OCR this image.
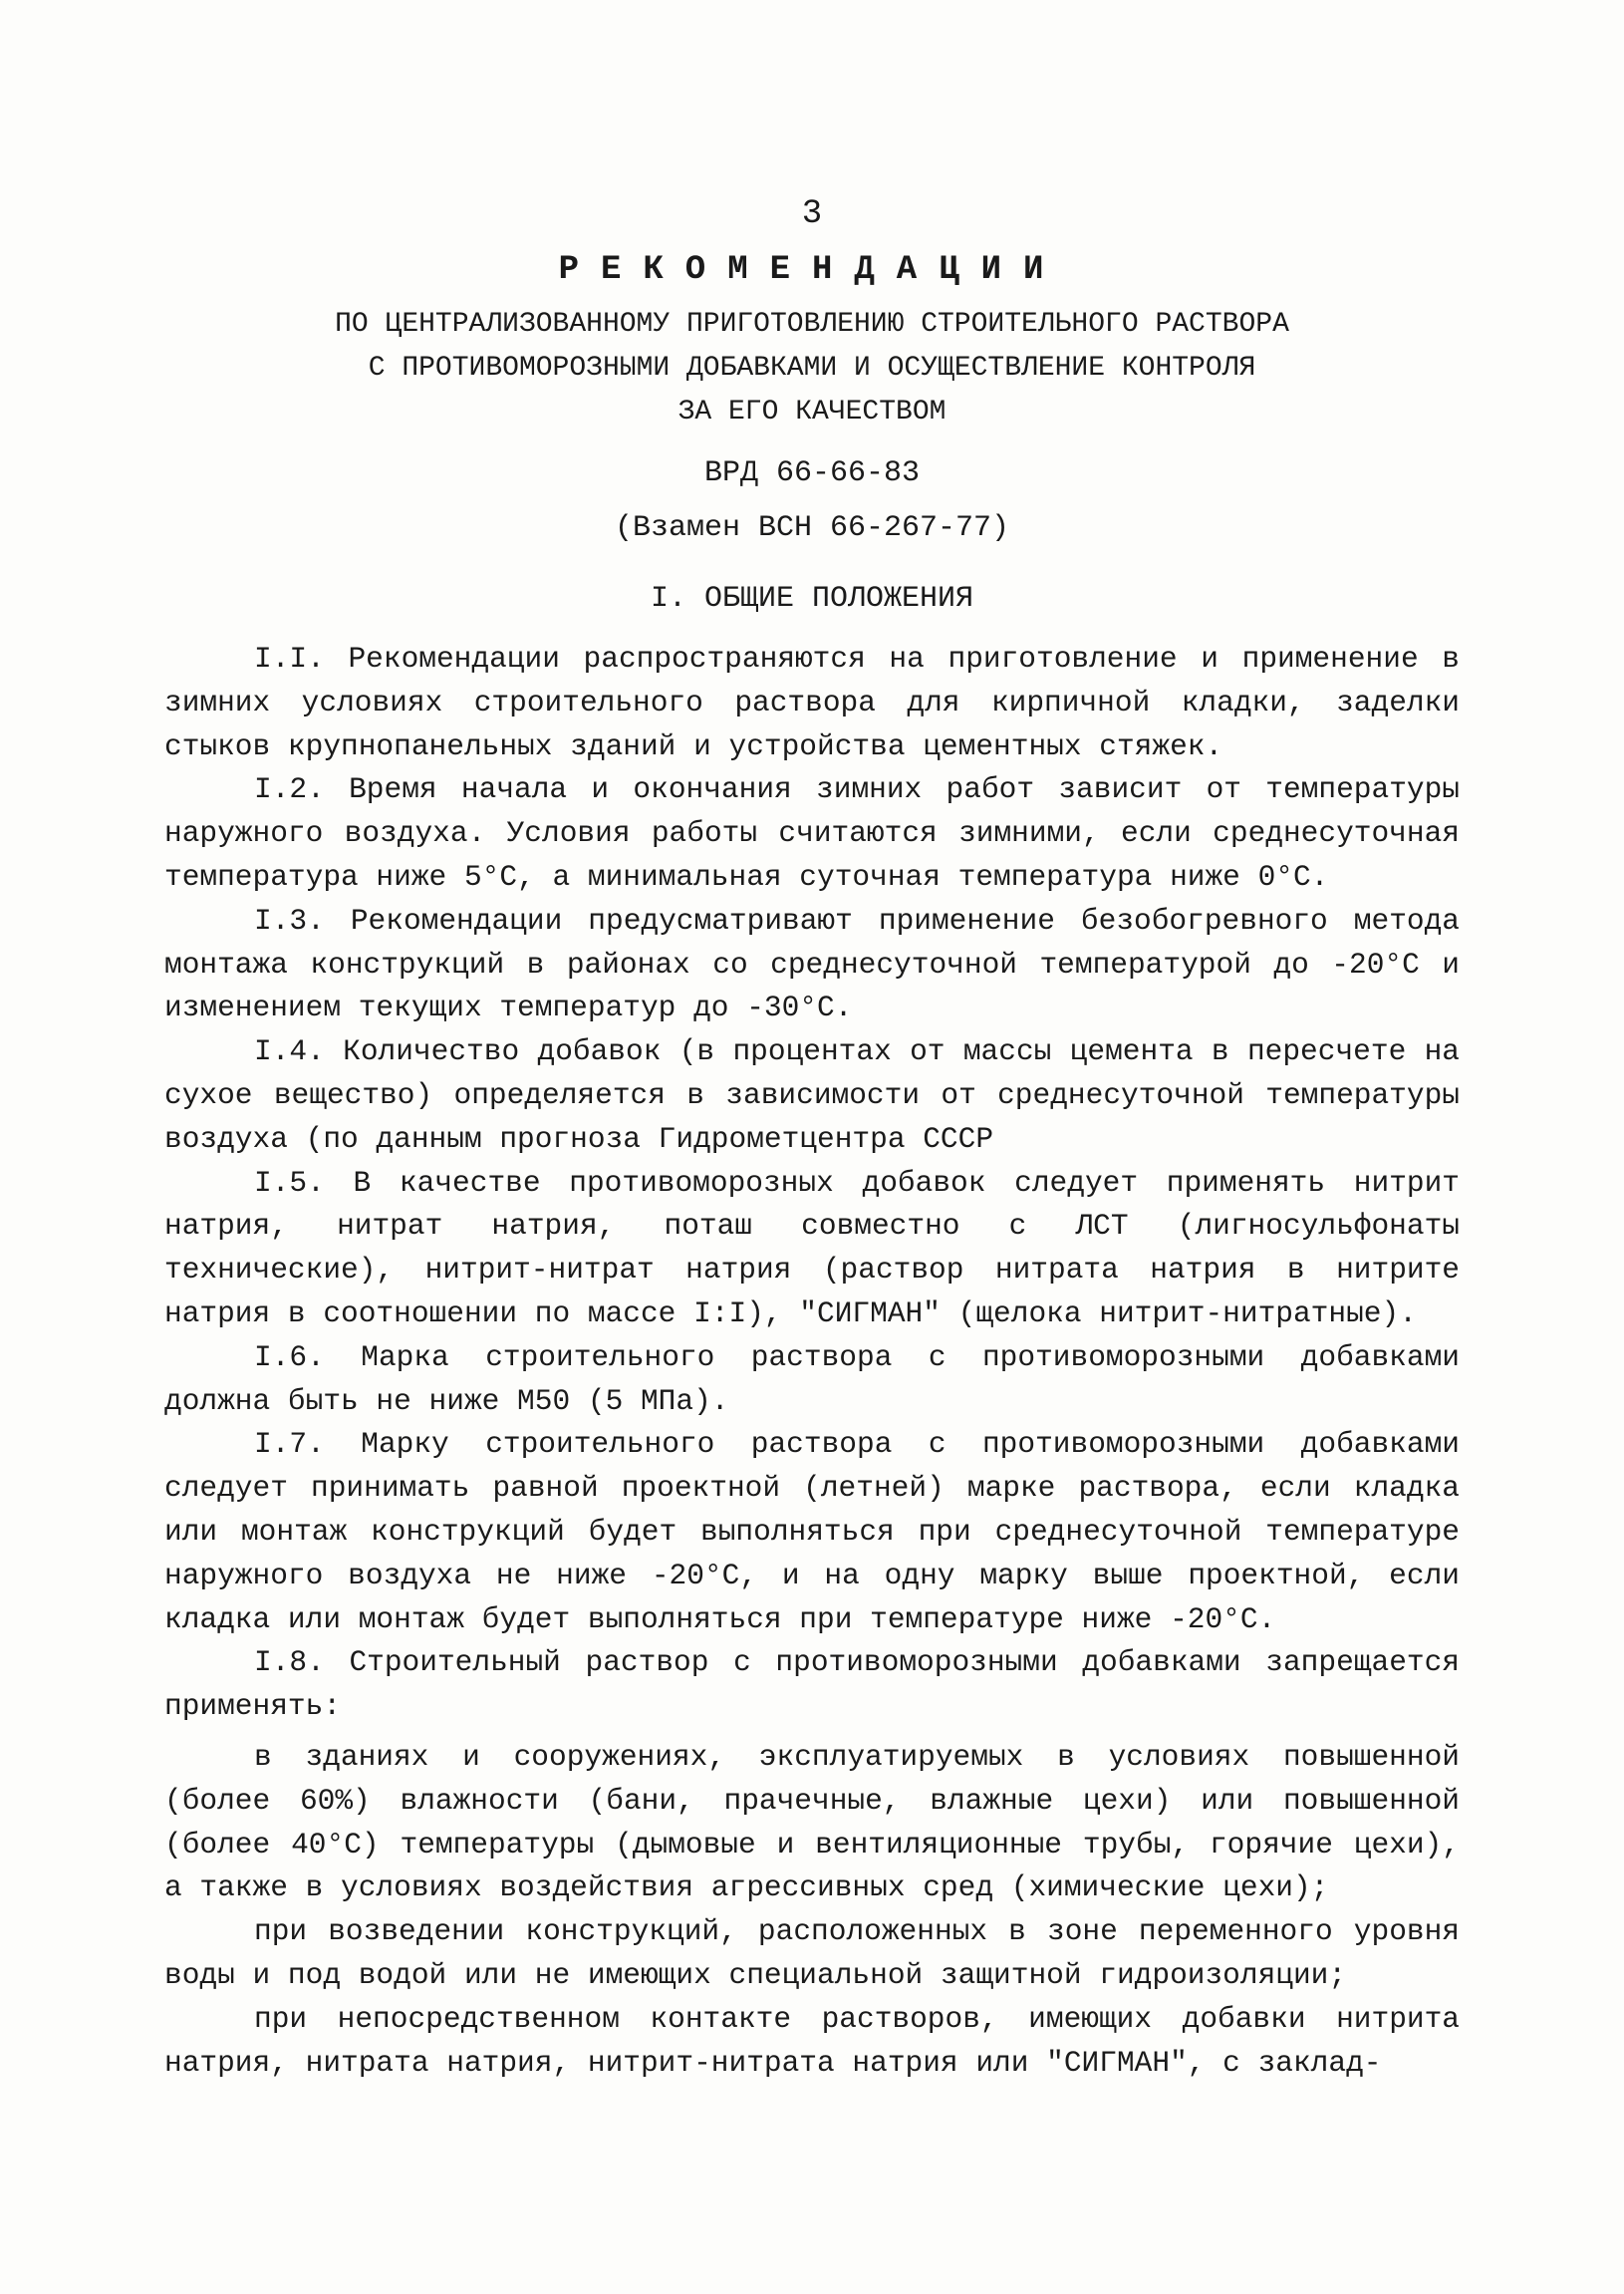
3
РЕКОМЕНДАЦИИ
ПО ЦЕНТРАЛИЗОВАННОМУ ПРИГОТОВЛЕНИЮ СТРОИТЕЛЬНОГО РАСТВОРА
С ПРОТИВОМОРОЗНЫМИ ДОБАВКАМИ И ОСУЩЕСТВЛЕНИЕ КОНТРОЛЯ
ЗА ЕГО КАЧЕСТВОМ
ВРД 66-66-83
(Взамен ВСН 66-267-77)
I. ОБЩИЕ ПОЛОЖЕНИЯ

I.I. Рекомендации распространяются на приготовление и применение в зимних условиях строительного раствора для кирпичной кладки, заделки стыков крупнопанельных зданий и устройства цементных стяжек.

I.2. Время начала и окончания зимних работ зависит от температуры наружного воздуха. Условия работы считаются зимними, если среднесуточная температура ниже 5°С, а минимальная суточная температура ниже 0°С.

I.3. Рекомендации предусматривают применение безобогревного метода монтажа конструкций в районах со среднесуточной температурой до -20°С и изменением текущих температур до -30°С.

I.4. Количество добавок (в процентах от массы цемента в пересчете на сухое вещество) определяется в зависимости от среднесуточной температуры воздуха (по данным прогноза Гидрометцентра СССР

I.5. В качестве противоморозных добавок следует применять нитрит натрия, нитрат натрия, поташ совместно с ЛСТ (лигносульфонаты технические), нитрит-нитрат натрия (раствор нитрата натрия в нитрите натрия в соотношении по массе I:I), "СИГМАН" (щелока нитрит-нитратные).

I.6. Марка строительного раствора с противоморозными добавками должна быть не ниже М50 (5 МПа).

I.7. Марку строительного раствора с противоморозными добавками следует принимать равной проектной (летней) марке раствора, если кладка или монтаж конструкций будет выполняться при среднесуточной температуре наружного воздуха не ниже -20°С, и на одну марку выше проектной, если кладка или монтаж будет выполняться при температуре ниже -20°С.

I.8. Строительный раствор с противоморозными добавками запрещается применять:

в зданиях и сооружениях, эксплуатируемых в условиях повышенной (более 60%) влажности (бани, прачечные, влажные цехи) или повышенной (более 40°С) температуры (дымовые и вентиляционные трубы, горячие цехи), а также в условиях воздействия агрессивных сред (химические цехи);

при возведении конструкций, расположенных в зоне переменного уровня воды и под водой или не имеющих специальной защитной гидроизоляции;

при непосредственном контакте растворов, имеющих добавки нитрита натрия, нитрата натрия, нитрит-нитрата натрия или "СИГМАН", с заклад-
